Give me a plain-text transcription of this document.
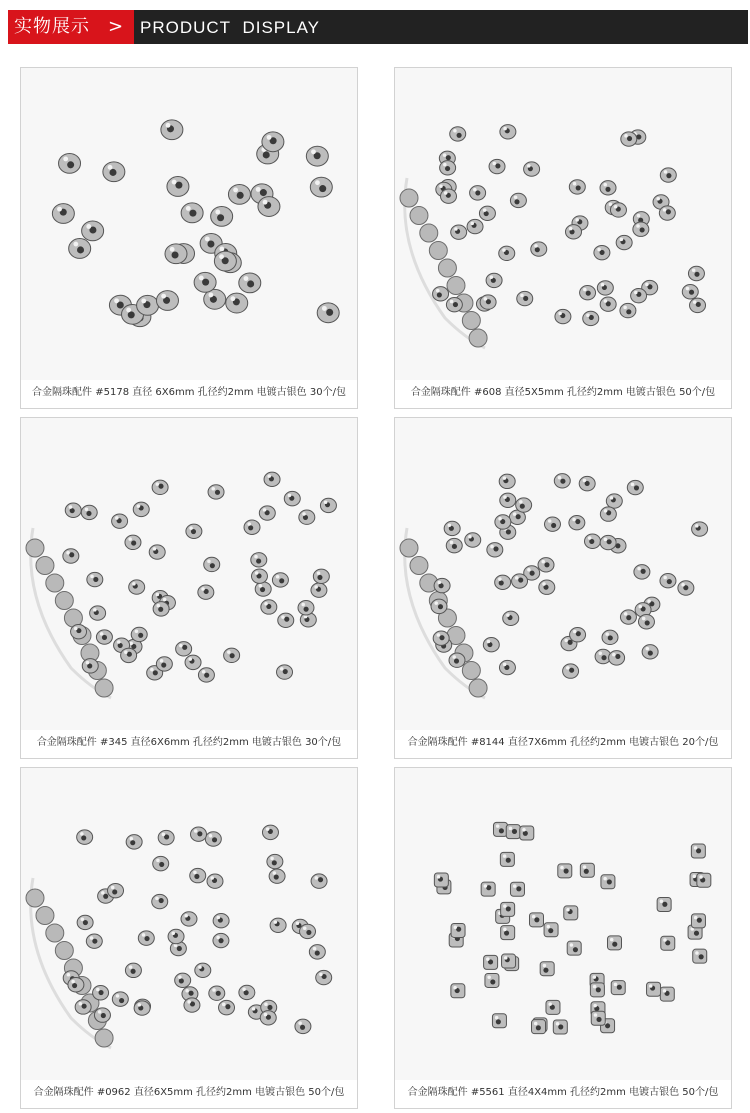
实物展示 > PRODUCT DISPLAY
合金隔珠配件 #5178 直径 6X6mm 孔径约2mm 电镀古银色 30个/包	合金隔珠配件 #608 直径5X5mm 孔径约2mm 电镀古银色 50个/包
合金隔珠配件 #345 直径6X6mm 孔径约2mm 电镀古银色 30个/包	合金隔珠配件 #8144 直径7X6mm 孔径约2mm 电镀古银色 20个/包
合金隔珠配件 #0962 直径6X5mm 孔径约2mm 电镀古银色 50个/包	合金隔珠配件 #5561 直径4X4mm 孔径约2mm 电镀古银色 50个/包
